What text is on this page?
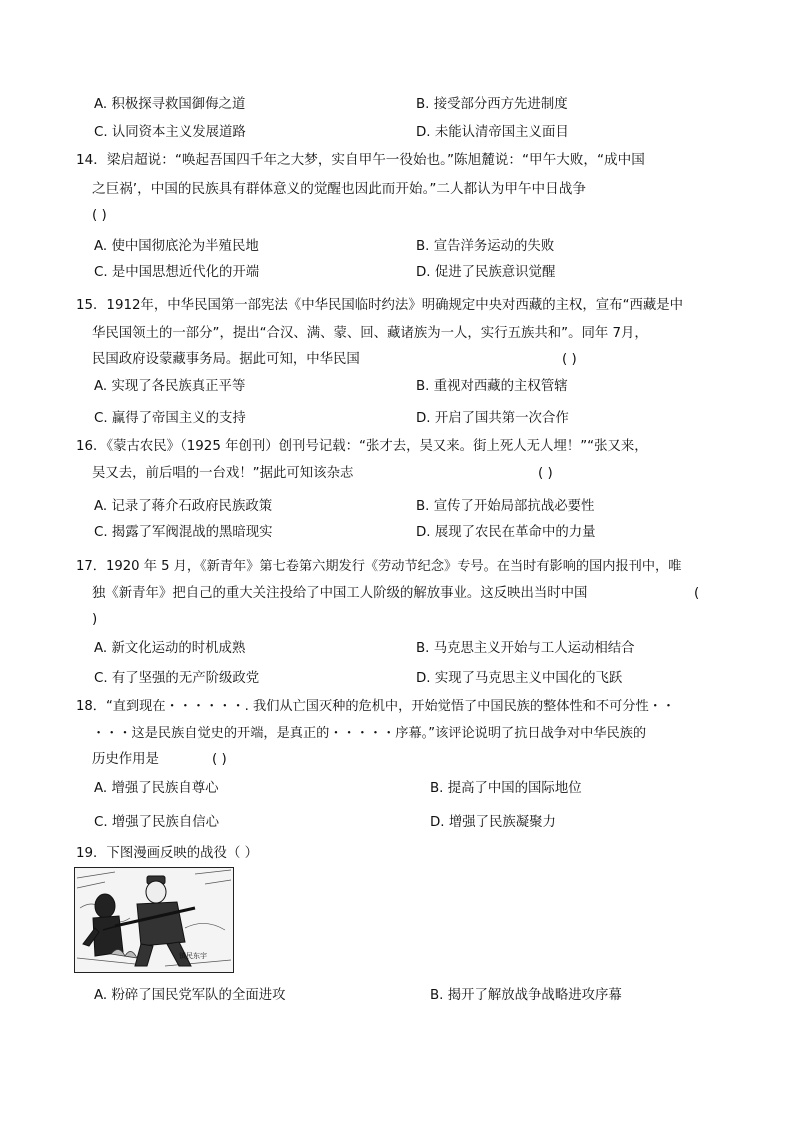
A. 积极探寻救国御侮之道	B. 接受部分西方先进制度
C. 认同资本主义发展道路	D. 未能认清帝国主义面目
14．梁启超说：“唤起吾国四千年之大梦，实自甲午一役始也。”陈旭麓说：“甲午大败，“成中国
之巨祸’，中国的民族具有群体意义的觉醒也因此而开始。”二人都认为甲午中日战争
( )
A. 使中国彻底沦为半殖民地	B. 宣告洋务运动的失败
C. 是中国思想近代化的开端	D. 促进了民族意识觉醒
15．1912年，中华民国第一部宪法《中华民国临时约法》明确规定中央对西藏的主权，宣布“西藏是中
华民国领土的一部分”，提出“合汉、满、蒙、回、藏诸族为一人，实行五族共和”。同年 7月，
民国政府设蒙藏事务局。据此可知，中华民国	( )
A. 实现了各民族真正平等	B. 重视对西藏的主权管辖
C. 赢得了帝国主义的支持	D. 开启了国共第一次合作
16．《蒙古农民》（1925 年创刊）创刊号记载：“张才去，吴又来。街上死人无人埋！”“张又来，
吴又去，前后唱的一台戏！”据此可知该杂志	( )
A. 记录了蒋介石政府民族政策	B. 宣传了开始局部抗战必要性
C. 揭露了军阀混战的黑暗现实	D. 展现了农民在革命中的力量
17．1920 年 5 月，《新青年》第七卷第六期发行《劳动节纪念》专号。在当时有影响的国内报刊中，唯
独《新青年》把自己的重大关注投给了中国工人阶级的解放事业。这反映出当时中国	(
)
A. 新文化运动的时机成熟	B. 马克思主义开始与工人运动相结合
C. 有了坚强的无产阶级政党	D. 实现了马克思主义中国化的飞跃
18．“直到现在・・・・・・. 我们从亡国灭种的危机中，开始觉悟了中国民族的整体性和不可分性・・
・・・这是民族自觉史的开端，是真正的・・・・・序幕。”该评论说明了抗日战争对中华民族的
历史作用是	( )
A. 增强了民族自尊心	B. 提高了中国的国际地位
C. 增强了民族自信心	D. 增强了民族凝聚力
19．下图漫画反映的战役（ ）
镇民东宇
A. 粉碎了国民党军队的全面进攻	B. 揭开了解放战争战略进攻序幕
